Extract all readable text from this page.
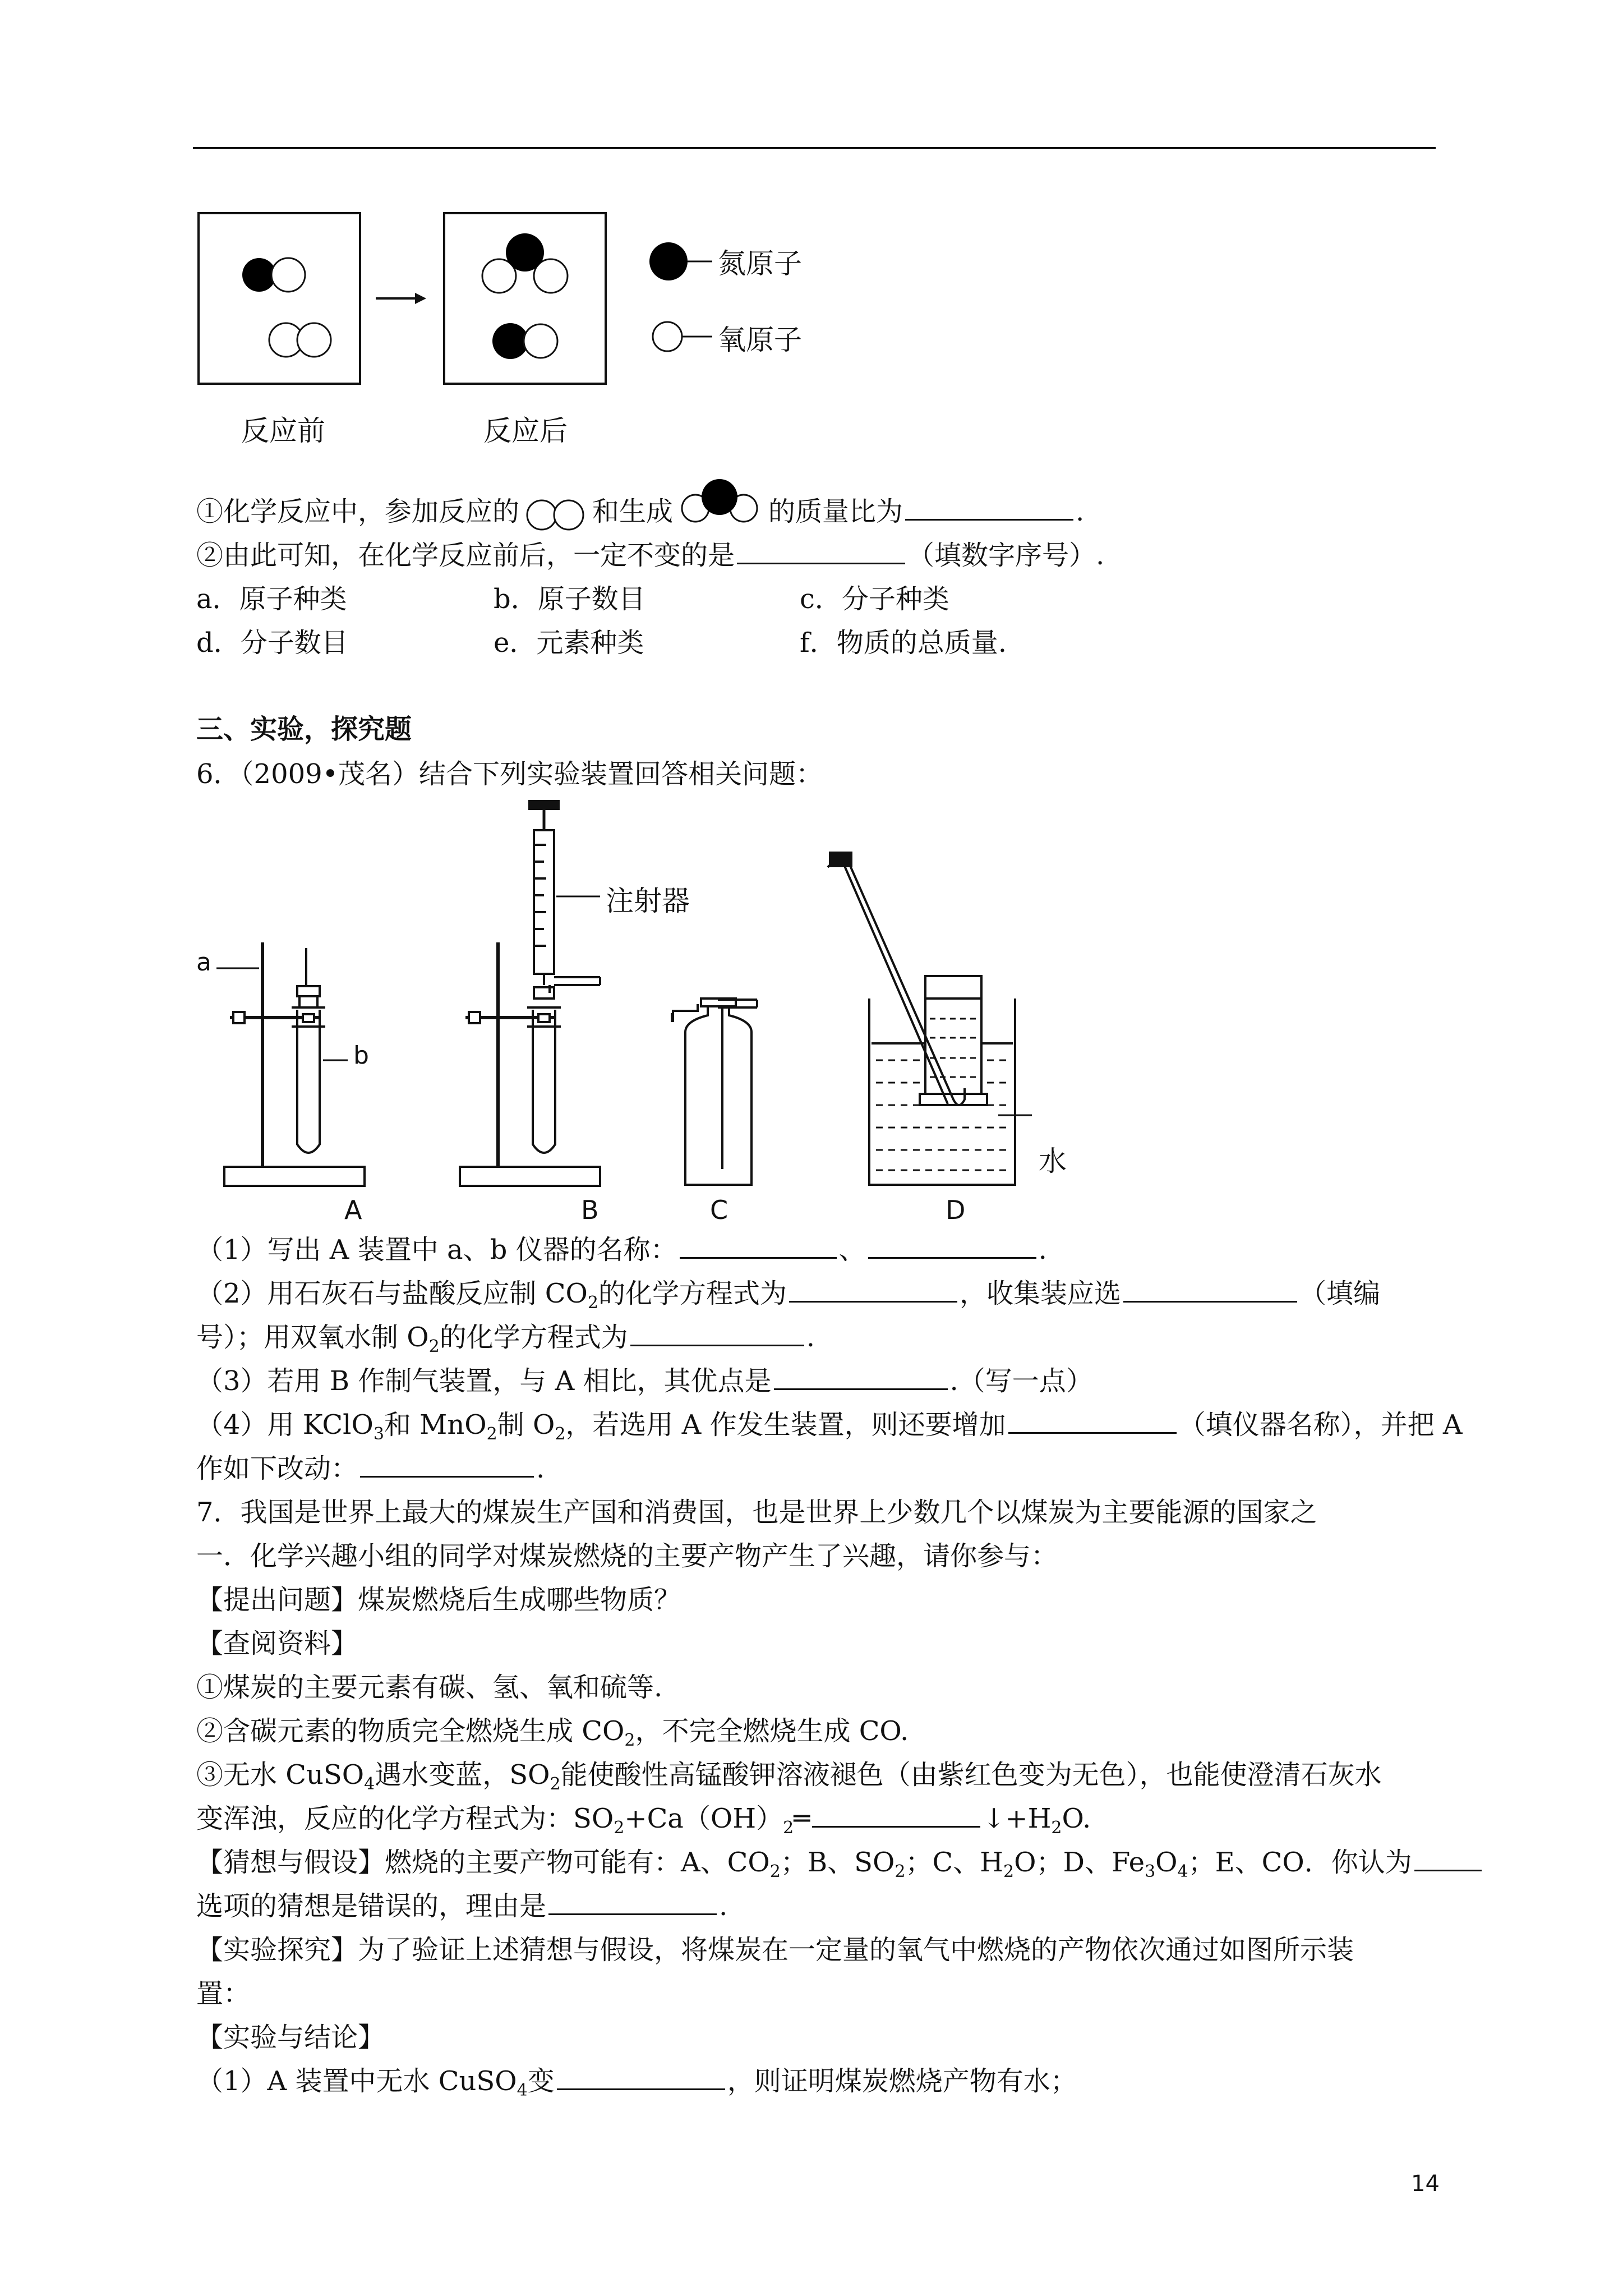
氮原子
氧原子
反应前	反应后
①化学反应中，参加反应的	和生成	的质量比为	.
②由此可知，在化学反应前后，一定不变的是	（填数字序号）.
a．原子种类	b．原子数目	c．分子种类
d．分子数目	e．元素种类	f．物质的总质量.
三、实验，探究题
6．（2009•茂名）结合下列实验装置回答相关问题：
a
b
注射器
水
A	B	C	D
（1）写出 A 装置中 a、b 仪器的名称：	、	.
（2）用石灰石与盐酸反应制 $CO_2$的化学方程式为	，收集装应选	（填编
号）；用双氧水制 $O_2$的化学方程式为	.
（3）若用 B 作制气装置，与 A 相比，其优点是	.（写一点）
（4）用 KClO$_3$和 MnO$_2$制 $O_2$，若选用 A 作发生装置，则还要增加	（填仪器名称），并把 A
作如下改动：	.
7．我国是世界上最大的煤炭生产国和消费国，也是世界上少数几个以煤炭为主要能源的国家之
一．化学兴趣小组的同学对煤炭燃烧的主要产物产生了兴趣，请你参与：
【提出问题】煤炭燃烧后生成哪些物质？
【查阅资料】
①煤炭的主要元素有碳、氢、氧和硫等.
②含碳元素的物质完全燃烧生成 $CO_2$，不完全燃烧生成 CO.
③无水 CuSO$_4$遇水变蓝，$SO_2$能使酸性高锰酸钾溶液褪色（由紫红色变为无色），也能使澄清石灰水
变浑浊，反应的化学方程式为：$SO_2+Ca(OH)_2═$	$↓+H_2O$.
【猜想与假设】燃烧的主要产物可能有：A、$CO_2$；B、$SO_2$；C、$H_2O$；D、$Fe_3O_4$；E、CO．你认为
选项的猜想是错误的，理由是	.
【实验探究】为了验证上述猜想与假设，将煤炭在一定量的氧气中燃烧的产物依次通过如图所示装
置：
【实验与结论】
（1）A 装置中无水 CuSO$_4$变	，则证明煤炭燃烧产物有水；
14
